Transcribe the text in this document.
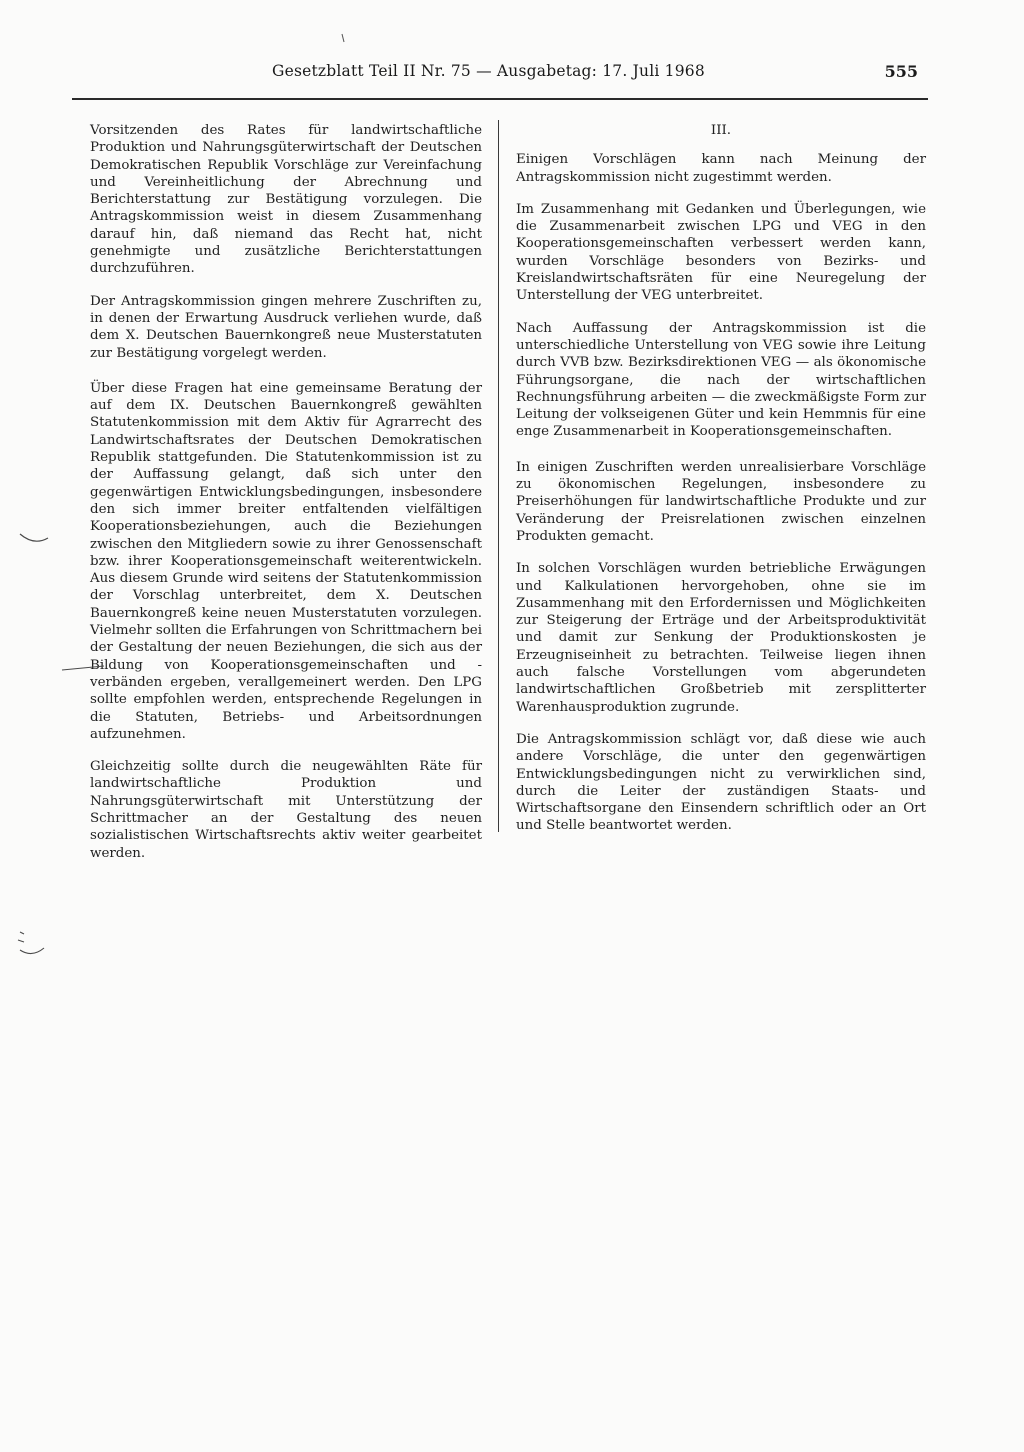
Gesetzblatt Teil II Nr. 75 — Ausgabetag: 17. Juli 1968	555

Vorsitzenden des Rates für landwirtschaftliche Produktion und Nahrungsgüterwirtschaft der Deutschen Demokratischen Republik Vorschläge zur Vereinfachung und Vereinheitlichung der Abrechnung und Berichterstattung zur Bestätigung vorzulegen. Die Antragskommission weist in diesem Zusammenhang darauf hin, daß niemand das Recht hat, nicht genehmigte und zusätzliche Berichterstattungen durchzuführen.

Der Antragskommission gingen mehrere Zuschriften zu, in denen der Erwartung Ausdruck verliehen wurde, daß dem X. Deutschen Bauernkongreß neue Musterstatuten zur Bestätigung vorgelegt werden.

Über diese Fragen hat eine gemeinsame Beratung der auf dem IX. Deutschen Bauernkongreß gewählten Statutenkommission mit dem Aktiv für Agrarrecht des Landwirtschaftsrates der Deutschen Demokratischen Republik stattgefunden. Die Statutenkommission ist zu der Auffassung gelangt, daß sich unter den gegenwärtigen Entwicklungsbedingungen, insbesondere den sich immer breiter entfaltenden vielfältigen Kooperationsbeziehungen, auch die Beziehungen zwischen den Mitgliedern sowie zu ihrer Genossenschaft bzw. ihrer Kooperationsgemeinschaft weiterentwickeln. Aus diesem Grunde wird seitens der Statutenkommission der Vorschlag unterbreitet, dem X. Deutschen Bauernkongreß keine neuen Musterstatuten vorzulegen. Vielmehr sollten die Erfahrungen von Schrittmachern bei der Gestaltung der neuen Beziehungen, die sich aus der Bildung von Kooperationsgemeinschaften und -verbänden ergeben, verallgemeinert werden. Den LPG sollte empfohlen werden, entsprechende Regelungen in die Statuten, Betriebs- und Arbeitsordnungen aufzunehmen.

Gleichzeitig sollte durch die neugewählten Räte für landwirtschaftliche Produktion und Nahrungsgüterwirtschaft mit Unterstützung der Schrittmacher an der Gestaltung des neuen sozialistischen Wirtschaftsrechts aktiv weiter gearbeitet werden.

III.

Einigen Vorschlägen kann nach Meinung der Antragskommission nicht zugestimmt werden.

Im Zusammenhang mit Gedanken und Überlegungen, wie die Zusammenarbeit zwischen LPG und VEG in den Kooperationsgemeinschaften verbessert werden kann, wurden Vorschläge besonders von Bezirks- und Kreislandwirtschaftsräten für eine Neuregelung der Unterstellung der VEG unterbreitet.

Nach Auffassung der Antragskommission ist die unterschiedliche Unterstellung von VEG sowie ihre Leitung durch VVB bzw. Bezirksdirektionen VEG — als ökonomische Führungsorgane, die nach der wirtschaftlichen Rechnungsführung arbeiten — die zweckmäßigste Form zur Leitung der volkseigenen Güter und kein Hemmnis für eine enge Zusammenarbeit in Kooperationsgemeinschaften.

In einigen Zuschriften werden unrealisierbare Vorschläge zu ökonomischen Regelungen, insbesondere zu Preiserhöhungen für landwirtschaftliche Produkte und zur Veränderung der Preisrelationen zwischen einzelnen Produkten gemacht.

In solchen Vorschlägen wurden betriebliche Erwägungen und Kalkulationen hervorgehoben, ohne sie im Zusammenhang mit den Erfordernissen und Möglichkeiten zur Steigerung der Erträge und der Arbeitsproduktivität und damit zur Senkung der Produktionskosten je Erzeugniseinheit zu betrachten. Teilweise liegen ihnen auch falsche Vorstellungen vom abgerundeten landwirtschaftlichen Großbetrieb mit zersplitterter Warenhausproduktion zugrunde.

Die Antragskommission schlägt vor, daß diese wie auch andere Vorschläge, die unter den gegenwärtigen Entwicklungsbedingungen nicht zu verwirklichen sind, durch die Leiter der zuständigen Staats- und Wirtschaftsorgane den Einsendern schriftlich oder an Ort und Stelle beantwortet werden.
